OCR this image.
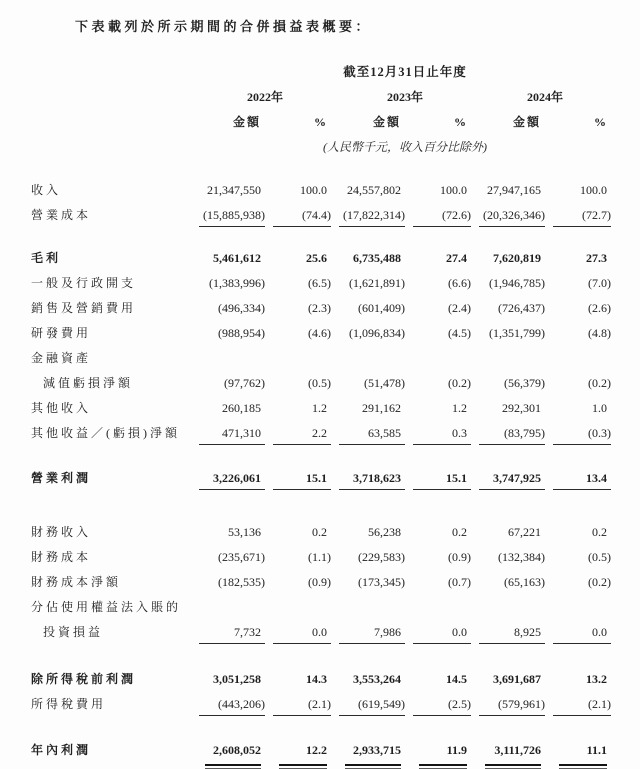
下表載列於所示期間的合併損益表概要：

截至12月31日止年度
2022年	2023年	2024年
金額	%	金額	%	金額	%
(人民幣千元，收入百分比除外)
收入	21,347,550	100.0	24,557,802	100.0	27,947,165	100.0
營業成本	(15,885,938)	(74.4)	(17,822,314)	(72.6)	(20,326,346)	(72.7)
毛利	5,461,612	25.6	6,735,488	27.4	7,620,819	27.3
一般及行政開支	(1,383,996)	(6.5)	(1,621,891)	(6.6)	(1,946,785)	(7.0)
銷售及營銷費用	(496,334)	(2.3)	(601,409)	(2.4)	(726,437)	(2.6)
研發費用	(988,954)	(4.6)	(1,096,834)	(4.5)	(1,351,799)	(4.8)
金融資產
減值虧損淨額	(97,762)	(0.5)	(51,478)	(0.2)	(56,379)	(0.2)
其他收入	260,185	1.2	291,162	1.2	292,301	1.0
其他收益／(虧損)淨額	471,310	2.2	63,585	0.3	(83,795)	(0.3)
營業利潤	3,226,061	15.1	3,718,623	15.1	3,747,925	13.4
財務收入	53,136	0.2	56,238	0.2	67,221	0.2
財務成本	(235,671)	(1.1)	(229,583)	(0.9)	(132,384)	(0.5)
財務成本淨額	(182,535)	(0.9)	(173,345)	(0.7)	(65,163)	(0.2)
分佔使用權益法入賬的
投資損益	7,732	0.0	7,986	0.0	8,925	0.0
除所得稅前利潤	3,051,258	14.3	3,553,264	14.5	3,691,687	13.2
所得稅費用	(443,206)	(2.1)	(619,549)	(2.5)	(579,961)	(2.1)
年內利潤	2,608,052	12.2	2,933,715	11.9	3,111,726	11.1
